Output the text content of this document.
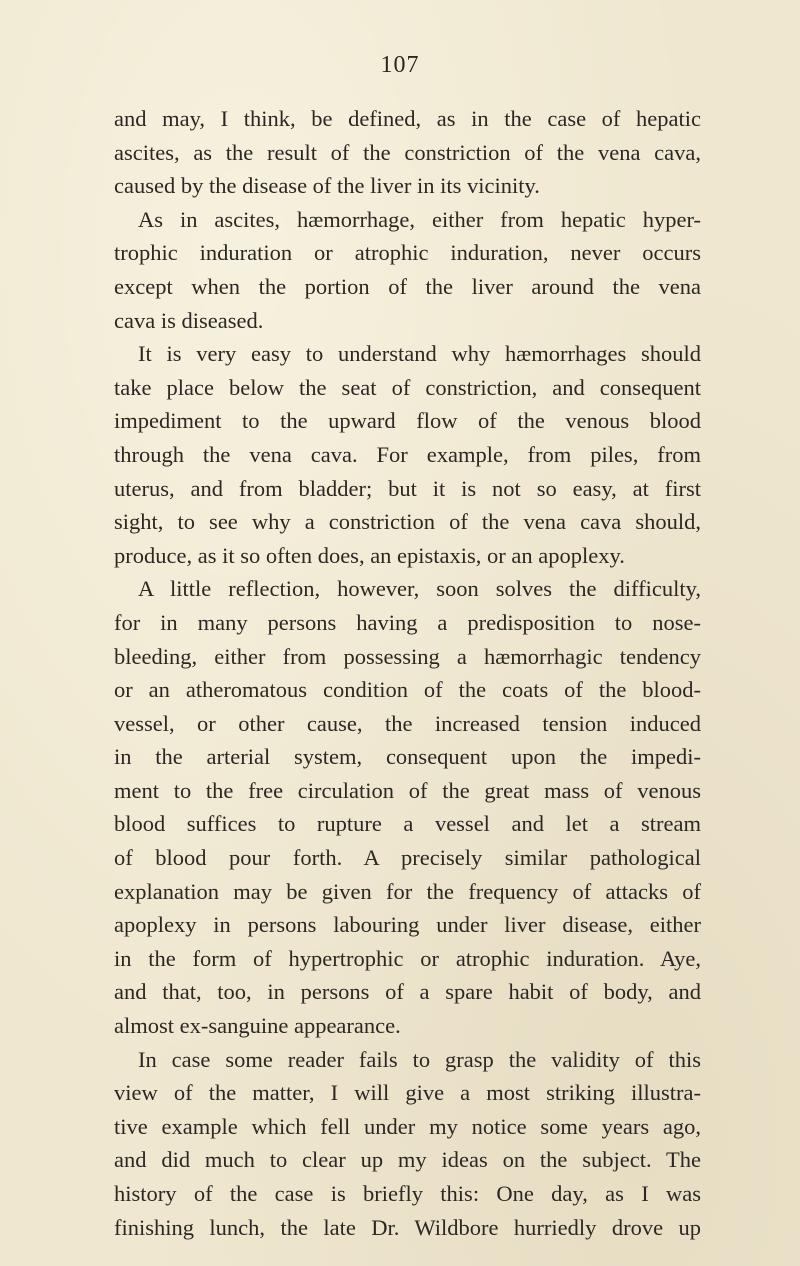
107
and may, I think, be defined, as in the case of hepatic
ascites, as the result of the constriction of the vena cava,
caused by the disease of the liver in its vicinity.
As in ascites, hæmorrhage, either from hepatic hyper-
trophic induration or atrophic induration, never occurs
except when the portion of the liver around the vena
cava is diseased.
It is very easy to understand why hæmorrhages should
take place below the seat of constriction, and consequent
impediment to the upward flow of the venous blood
through the vena cava. For example, from piles, from
uterus, and from bladder; but it is not so easy, at first
sight, to see why a constriction of the vena cava should,
produce, as it so often does, an epistaxis, or an apoplexy.
A little reflection, however, soon solves the difficulty,
for in many persons having a predisposition to nose-
bleeding, either from possessing a hæmorrhagic tendency
or an atheromatous condition of the coats of the blood-
vessel, or other cause, the increased tension induced
in the arterial system, consequent upon the impedi-
ment to the free circulation of the great mass of venous
blood suffices to rupture a vessel and let a stream
of blood pour forth. A precisely similar pathological
explanation may be given for the frequency of attacks of
apoplexy in persons labouring under liver disease, either
in the form of hypertrophic or atrophic induration. Aye,
and that, too, in persons of a spare habit of body, and
almost ex-sanguine appearance.
In case some reader fails to grasp the validity of this
view of the matter, I will give a most striking illustra-
tive example which fell under my notice some years ago,
and did much to clear up my ideas on the subject. The
history of the case is briefly this: One day, as I was
finishing lunch, the late Dr. Wildbore hurriedly drove up
